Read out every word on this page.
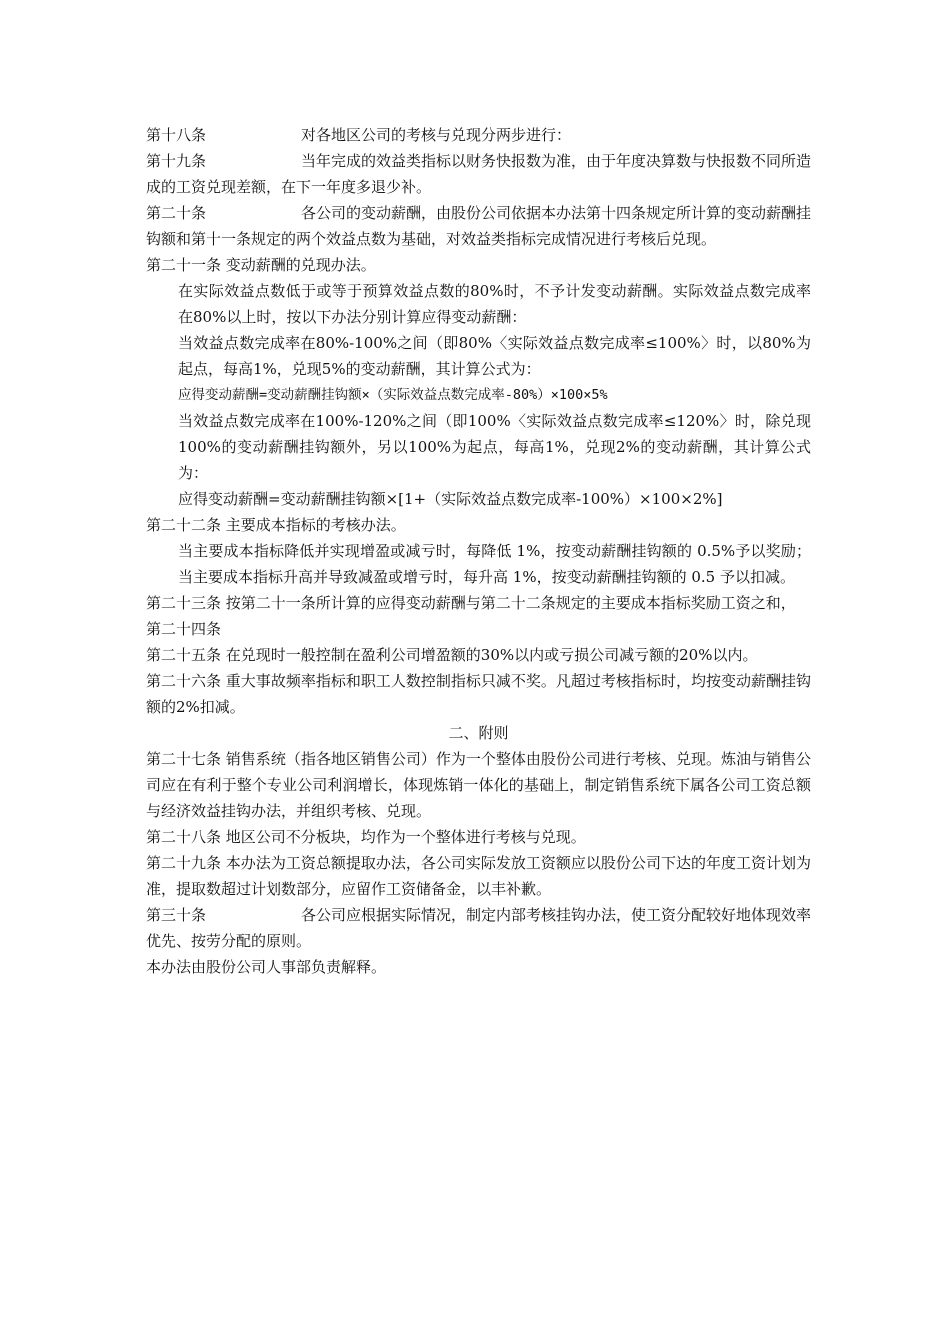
第十八条	对各地区公司的考核与兑现分两步进行：

第十九条	当年完成的效益类指标以财务快报数为准，由于年度决算数与快报数不同所造成的工资兑现差额，在下一年度多退少补。

第二十条	各公司的变动薪酬，由股份公司依据本办法第十四条规定所计算的变动薪酬挂钩额和第十一条规定的两个效益点数为基础，对效益类指标完成情况进行考核后兑现。

第二十一条 变动薪酬的兑现办法。

在实际效益点数低于或等于预算效益点数的80%时，不予计发变动薪酬。实际效益点数完成率在80%以上时，按以下办法分别计算应得变动薪酬：

当效益点数完成率在80%-100%之间（即80%〈实际效益点数完成率≤100%〉时，以80%为起点，每高1%，兑现5%的变动薪酬，其计算公式为：

应得变动薪酬=变动薪酬挂钩额×（实际效益点数完成率-80%）×100×5%

当效益点数完成率在100%-120%之间（即100%〈实际效益点数完成率≤120%〉时，除兑现100%的变动薪酬挂钩额外，另以100%为起点，每高1%，兑现2%的变动薪酬，其计算公式为：

应得变动薪酬=变动薪酬挂钩额×[1+（实际效益点数完成率-100%）×100×2%]

第二十二条 主要成本指标的考核办法。

当主要成本指标降低并实现增盈或减亏时，每降低 1%，按变动薪酬挂钩额的 0.5%予以奖励；当主要成本指标升高并导致减盈或增亏时，每升高 1%，按变动薪酬挂钩额的 0.5 予以扣减。

第二十三条 按第二十一条所计算的应得变动薪酬与第二十二条规定的主要成本指标奖励工资之和，

第二十四条

第二十五条 在兑现时一般控制在盈利公司增盈额的30%以内或亏损公司减亏额的20%以内。

第二十六条 重大事故频率指标和职工人数控制指标只减不奖。凡超过考核指标时，均按变动薪酬挂钩额的2%扣减。

二、附则

第二十七条 销售系统（指各地区销售公司）作为一个整体由股份公司进行考核、兑现。炼油与销售公司应在有利于整个专业公司利润增长，体现炼销一体化的基础上，制定销售系统下属各公司工资总额与经济效益挂钩办法，并组织考核、兑现。

第二十八条 地区公司不分板块，均作为一个整体进行考核与兑现。

第二十九条 本办法为工资总额提取办法，各公司实际发放工资额应以股份公司下达的年度工资计划为准，提取数超过计划数部分，应留作工资储备金，以丰补歉。

第三十条	各公司应根据实际情况，制定内部考核挂钩办法，使工资分配较好地体现效率优先、按劳分配的原则。

本办法由股份公司人事部负责解释。
